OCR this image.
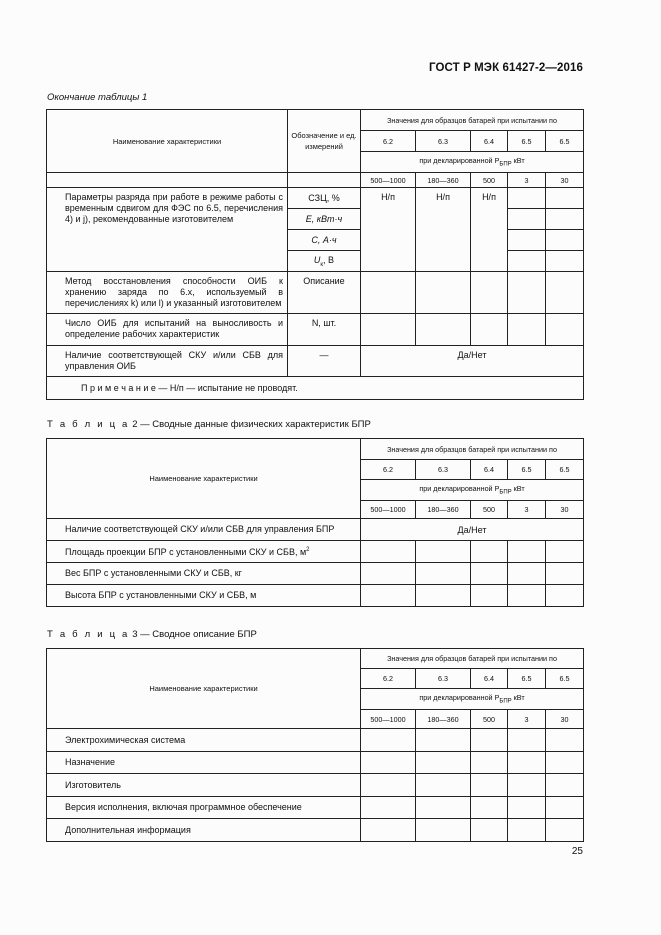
ГОСТ Р МЭК 61427-2—2016
Окончание таблицы 1
Наименование характеристики	Обозначение и ед. измерений	Значения для образцов батарей при испытании по				
		6.2	6.3	6.4	6.5	6.5
		при декларированной $P_{БПР}$ кВт				
		500—1000	180—360	500	3	30
Параметры разряда при работе в режиме работы с временным сдвигом для ФЭС по 6.5, перечисления 4) и j), рекомендованные изготовителем	СЗЦ, %	Н/п	Н/п	Н/п		
	E, кВт·ч					
	C, А·ч					
	$U_к$, В					
Метод восстановления способности ОИБ к хранению заряда по 6.x, используемый в перечислениях k) или l) и указанный изготовителем	Описание					
Число ОИБ для испытаний на выносливость и определение рабочих характеристик	N, шт.					
Наличие соответствующей СКУ и/или СБВ для управления ОИБ	—	Да/Нет				
П р и м е ч а н и е — Н/п — испытание не проводят.						
Т а б л и ц а 2 — Сводные данные физических характеристик БПР
Наименование характеристики	Значения для образцов батарей при испытании по				
	6.2	6.3	6.4	6.5	6.5
	при декларированной $P_{БПР}$ кВт				
	500—1000	180—360	500	3	30
Наличие соответствующей СКУ и/или СБВ для управления БПР	Да/Нет				
Площадь проекции БПР с установленными СКУ и СБВ, $м^2$					
Вес БПР с установленными СКУ и СБВ, кг					
Высота БПР с установленными СКУ и СБВ, м					
Т а б л и ц а 3 — Сводное описание БПР
Наименование характеристики	Значения для образцов батарей при испытании по				
	6.2	6.3	6.4	6.5	6.5
	при декларированной $P_{БПР}$ кВт				
	500—1000	180—360	500	3	30
Электрохимическая система					
Назначение					
Изготовитель					
Версия исполнения, включая программное обеспечение					
Дополнительная информация					
25
